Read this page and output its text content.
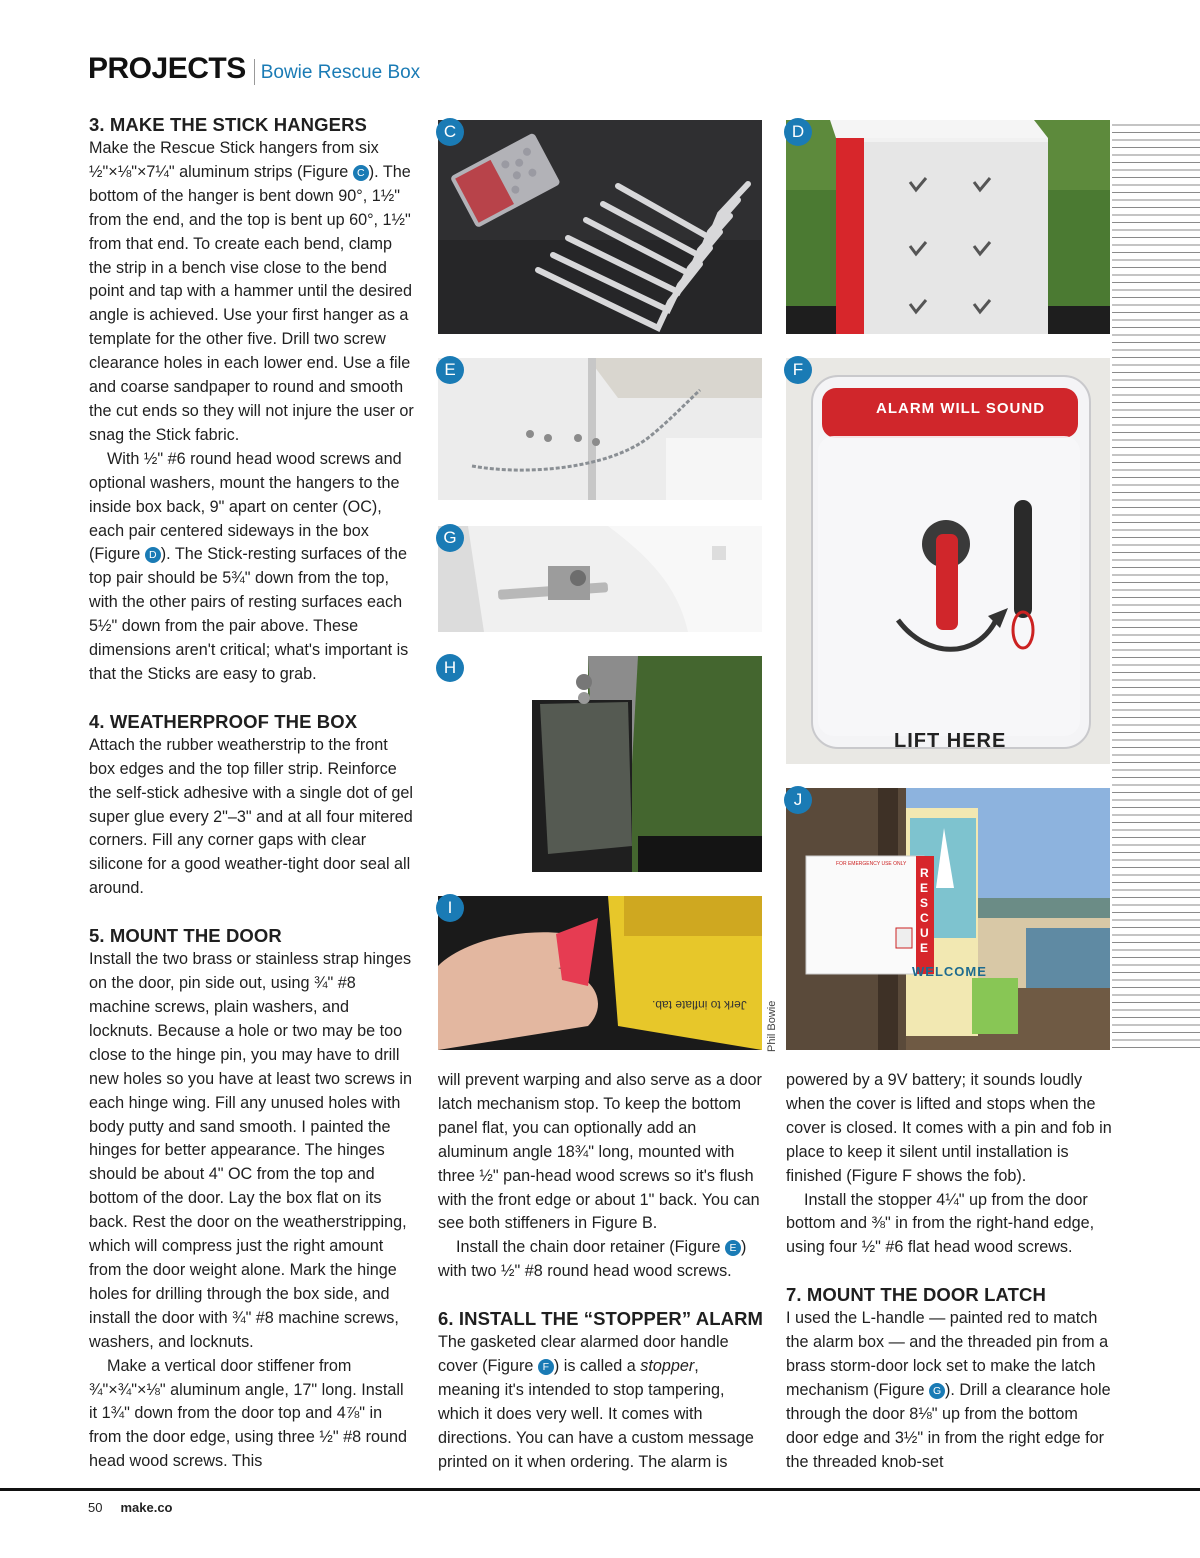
PROJECTS Bowie Rescue Box
3. MAKE THE STICK HANGERS

Make the Rescue Stick hangers from six ½"×⅛"×7¼" aluminum strips (Figure C ). The bottom of the hanger is bent down 90°, 1½" from the end, and the top is bent up 60°, 1½" from that end. To create each bend, clamp the strip in a bench vise close to the bend point and tap with a hammer until the desired angle is achieved. Use your first hanger as a template for the other five. Drill two screw clearance holes in each lower end. Use a file and coarse sandpaper to round and smooth the cut ends so they will not injure the user or snag the Stick fabric.

With ½" #6 round head wood screws and optional washers, mount the hangers to the inside box back, 9" apart on center (OC), each pair centered sideways in the box (Figure D ). The Stick-resting surfaces of the top pair should be 5¾" down from the top, with the other pairs of resting surfaces each 5½" down from the pair above. These dimensions aren't critical; what's important is that the Sticks are easy to grab.

4. WEATHERPROOF THE BOX

Attach the rubber weatherstrip to the front box edges and the top filler strip. Reinforce the self-stick adhesive with a single dot of gel super glue every 2"–3" and at all four mitered corners. Fill any corner gaps with clear silicone for a good weather-tight door seal all around.

5. MOUNT THE DOOR

Install the two brass or stainless strap hinges on the door, pin side out, using ¾" #8 machine screws, plain washers, and locknuts. Because a hole or two may be too close to the hinge pin, you may have to drill new holes so you have at least two screws in each hinge wing. Fill any unused holes with body putty and sand smooth. I painted the hinges for better appearance. The hinges should be about 4" OC from the top and bottom of the door. Lay the box flat on its back. Rest the door on the weatherstripping, which will compress just the right amount from the door weight alone. Mark the hinge holes for drilling through the box side, and install the door with ¾" #8 machine screws, washers, and locknuts.

Make a vertical door stiffener from ¾"×¾"×⅛" aluminum angle, 17" long. Install it 1¾" down from the door top and 4⅞" in from the door edge, using three ½" #8 round head wood screws. This

will prevent warping and also serve as a door latch mechanism stop. To keep the bottom panel flat, you can optionally add an aluminum angle 18¾" long, mounted with three ½" pan-head wood screws so it's flush with the front edge or about 1" back. You can see both stiffeners in Figure B.

Install the chain door retainer (Figure E ) with two ½" #8 round head wood screws.

6. INSTALL THE “STOPPER” ALARM

The gasketed clear alarmed door handle cover (Figure F ) is called a stopper, meaning it's intended to stop tampering, which it does very well. It comes with directions. You can have a custom message printed on it when ordering. The alarm is

powered by a 9V battery; it sounds loudly when the cover is lifted and stops when the cover is closed. It comes with a pin and fob in place to keep it silent until installation is finished (Figure F shows the fob).

Install the stopper 4¼" up from the door bottom and ⅜" in from the right-hand edge, using four ½" #6 flat head wood screws.

7. MOUNT THE DOOR LATCH

I used the L-handle — painted red to match the alarm box — and the threaded pin from a brass storm-door lock set to make the latch mechanism (Figure G ). Drill a clearance hole through the door 8⅛" up from the bottom door edge and 3½" in from the right edge for the threaded knob-set

C	D
E
ALARM WILL SOUND
LIFT HERE
F
G
H
Jerk to inflate tab.
I
FOR EMERGENCY USE ONLY
RESCUE
WELCOME
J
Phil Bowie
50 make.co
